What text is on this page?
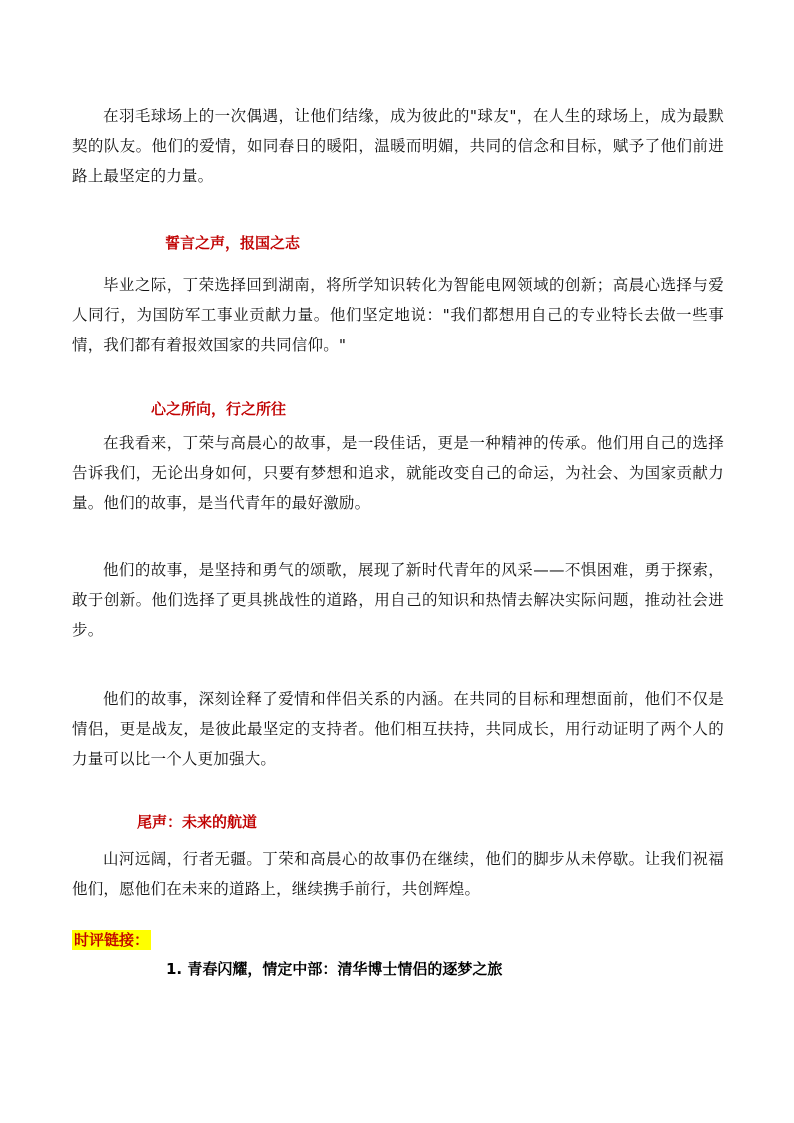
在羽毛球场上的一次偶遇，让他们结缘，成为彼此的"球友"，在人生的球场上，成为最默契的队友。他们的爱情，如同春日的暖阳，温暖而明媚，共同的信念和目标，赋予了他们前进路上最坚定的力量。

誓言之声，报国之志

毕业之际，丁荣选择回到湖南，将所学知识转化为智能电网领域的创新；高晨心选择与爱人同行，为国防军工事业贡献力量。他们坚定地说："我们都想用自己的专业特长去做一些事情，我们都有着报效国家的共同信仰。"

心之所向，行之所往

在我看来，丁荣与高晨心的故事，是一段佳话，更是一种精神的传承。他们用自己的选择告诉我们，无论出身如何，只要有梦想和追求，就能改变自己的命运，为社会、为国家贡献力量。他们的故事，是当代青年的最好激励。

他们的故事，是坚持和勇气的颂歌，展现了新时代青年的风采——不惧困难，勇于探索，敢于创新。他们选择了更具挑战性的道路，用自己的知识和热情去解决实际问题，推动社会进步。

他们的故事，深刻诠释了爱情和伴侣关系的内涵。在共同的目标和理想面前，他们不仅是情侣，更是战友，是彼此最坚定的支持者。他们相互扶持，共同成长，用行动证明了两个人的力量可以比一个人更加强大。

尾声：未来的航道

山河远阔，行者无疆。丁荣和高晨心的故事仍在继续，他们的脚步从未停歇。让我们祝福他们，愿他们在未来的道路上，继续携手前行，共创辉煌。

时评链接：

1. 青春闪耀，情定中部：清华博士情侣的逐梦之旅
